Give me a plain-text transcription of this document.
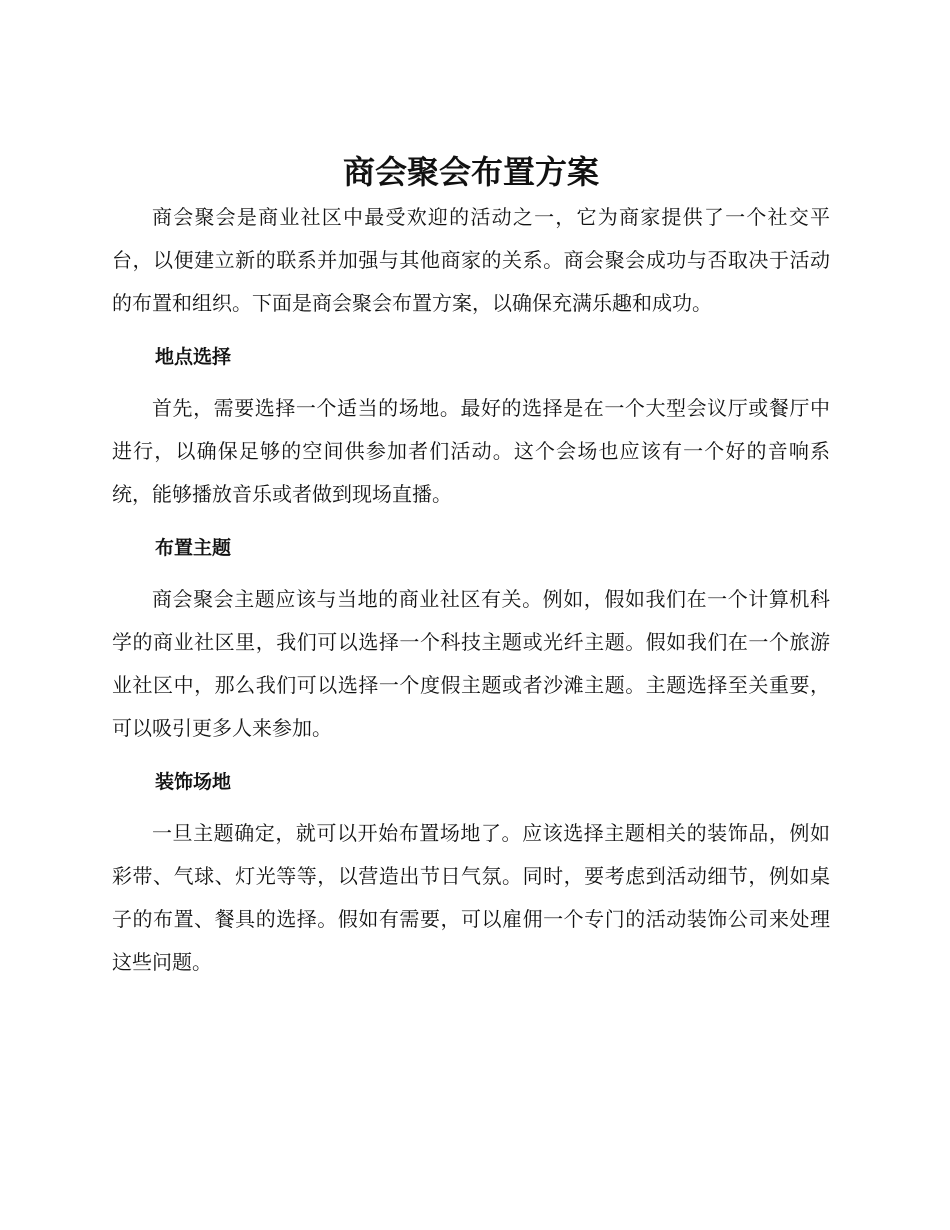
商会聚会布置方案

商会聚会是商业社区中最受欢迎的活动之一，它为商家提供了一个社交平台，以便建立新的联系并加强与其他商家的关系。商会聚会成功与否取决于活动的布置和组织。下面是商会聚会布置方案，以确保充满乐趣和成功。

地点选择

首先，需要选择一个适当的场地。最好的选择是在一个大型会议厅或餐厅中进行，以确保足够的空间供参加者们活动。这个会场也应该有一个好的音响系统，能够播放音乐或者做到现场直播。

布置主题

商会聚会主题应该与当地的商业社区有关。例如，假如我们在一个计算机科学的商业社区里，我们可以选择一个科技主题或光纤主题。假如我们在一个旅游业社区中，那么我们可以选择一个度假主题或者沙滩主题。主题选择至关重要，可以吸引更多人来参加。

装饰场地

一旦主题确定，就可以开始布置场地了。应该选择主题相关的装饰品，例如彩带、气球、灯光等等，以营造出节日气氛。同时，要考虑到活动细节，例如桌子的布置、餐具的选择。假如有需要，可以雇佣一个专门的活动装饰公司来处理这些问题。
